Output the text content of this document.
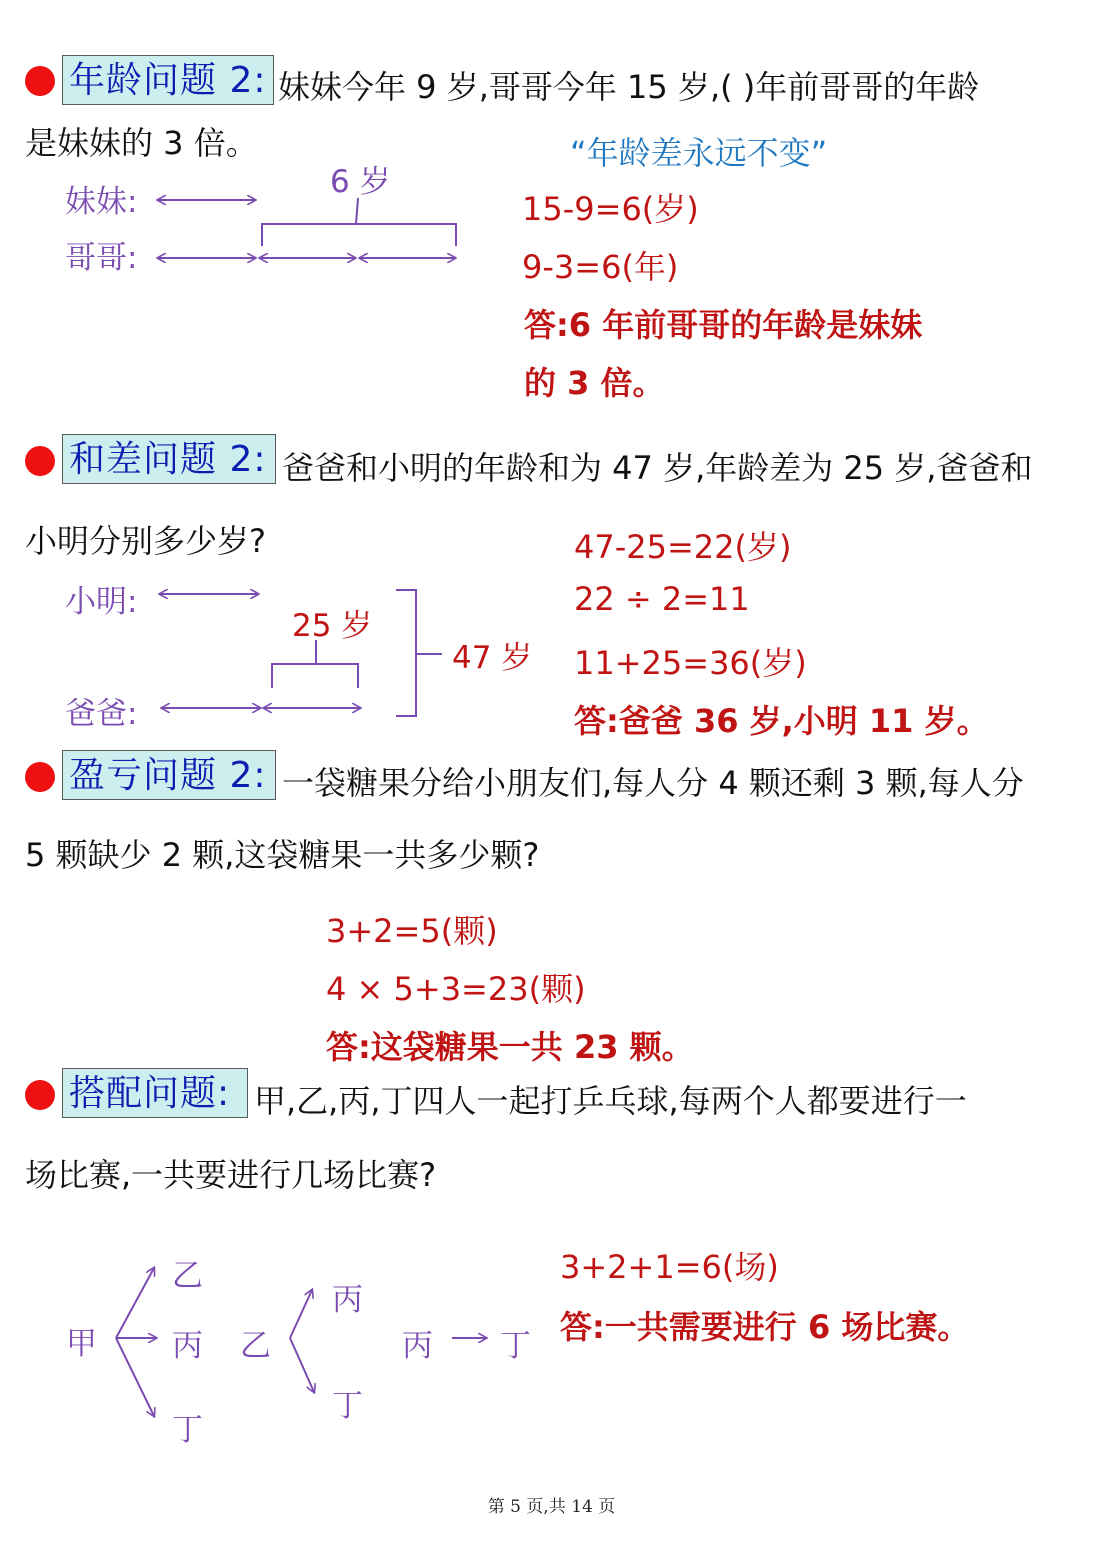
年龄问题 2: 妹妹今年 9 岁,哥哥今年 15 岁,( )年前哥哥的年龄
是妹妹的 3 倍。	“年龄差永远不变”
妹妹:
哥哥:
6 岁
15-9=6(岁)
9-3=6(年)
答:6 年前哥哥的年龄是妹妹
的 3 倍。
和差问题 2: 爸爸和小明的年龄和为 47 岁,年龄差为 25 岁,爸爸和
小明分别多少岁?
小明:
爸爸:
25 岁
47 岁
47-25=22(岁)
22 ÷ 2=11
11+25=36(岁)
答:爸爸 36 岁,小明 11 岁。
盈亏问题 2: 一袋糖果分给小朋友们,每人分 4 颗还剩 3 颗,每人分
5 颗缺少 2 颗,这袋糖果一共多少颗?
3+2=5(颗)
4 × 5+3=23(颗)
答:这袋糖果一共 23 颗。
搭配问题: 甲,乙,丙,丁四人一起打乒乓球,每两个人都要进行一
场比赛,一共要进行几场比赛?
甲
乙
丙
丁
乙
丙
丁
丙 丁
3+2+1=6(场)
答:一共需要进行 6 场比赛。
第 5 页,共 14 页
